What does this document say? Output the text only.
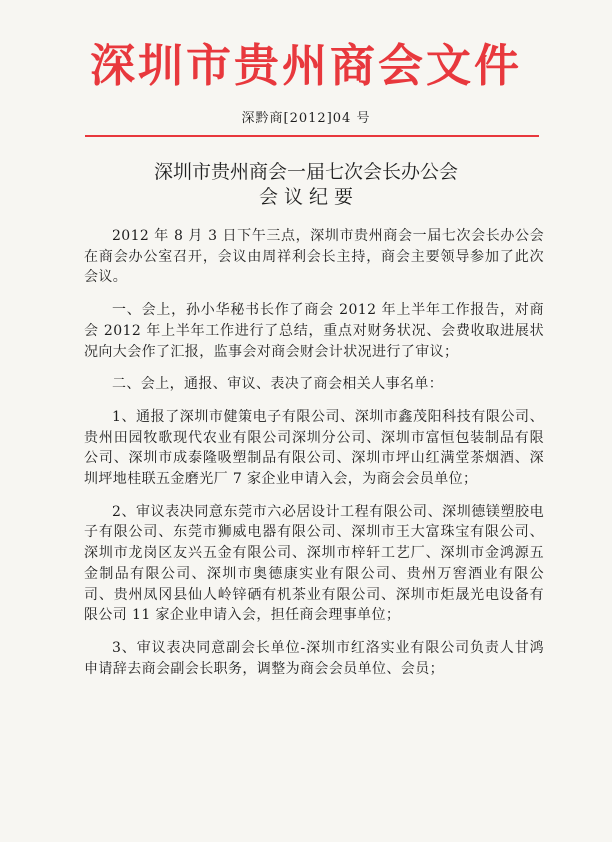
深圳市贵州商会文件
深黔商[2012]04 号
深圳市贵州商会一届七次会长办公会
会 议 纪 要

2012 年 8 月 3 日下午三点，深圳市贵州商会一届七次会长办公会在商会办公室召开，会议由周祥利会长主持，商会主要领导参加了此次会议。

一、会上，孙小华秘书长作了商会 2012 年上半年工作报告，对商会 2012 年上半年工作进行了总结，重点对财务状况、会费收取进展状况向大会作了汇报，监事会对商会财会计状况进行了审议；

二、会上，通报、审议、表决了商会相关人事名单：

1、通报了深圳市健策电子有限公司、深圳市鑫茂阳科技有限公司、贵州田园牧歌现代农业有限公司深圳分公司、深圳市富恒包装制品有限公司、深圳市成泰隆吸塑制品有限公司、深圳市坪山红满堂茶烟酒、深圳坪地桂联五金磨光厂 7 家企业申请入会，为商会会员单位；

2、审议表决同意东莞市六必居设计工程有限公司、深圳德镁塑胶电子有限公司、东莞市狮威电器有限公司、深圳市王大富珠宝有限公司、深圳市龙岗区友兴五金有限公司、深圳市梓轩工艺厂、深圳市金鸿源五金制品有限公司、深圳市奥德康实业有限公司、贵州万窖酒业有限公司、贵州凤冈县仙人岭锌硒有机茶业有限公司、深圳市炬晟光电设备有限公司 11 家企业申请入会，担任商会理事单位；

3、审议表决同意副会长单位-深圳市红洛实业有限公司负责人甘鸿申请辞去商会副会长职务，调整为商会会员单位、会员；
